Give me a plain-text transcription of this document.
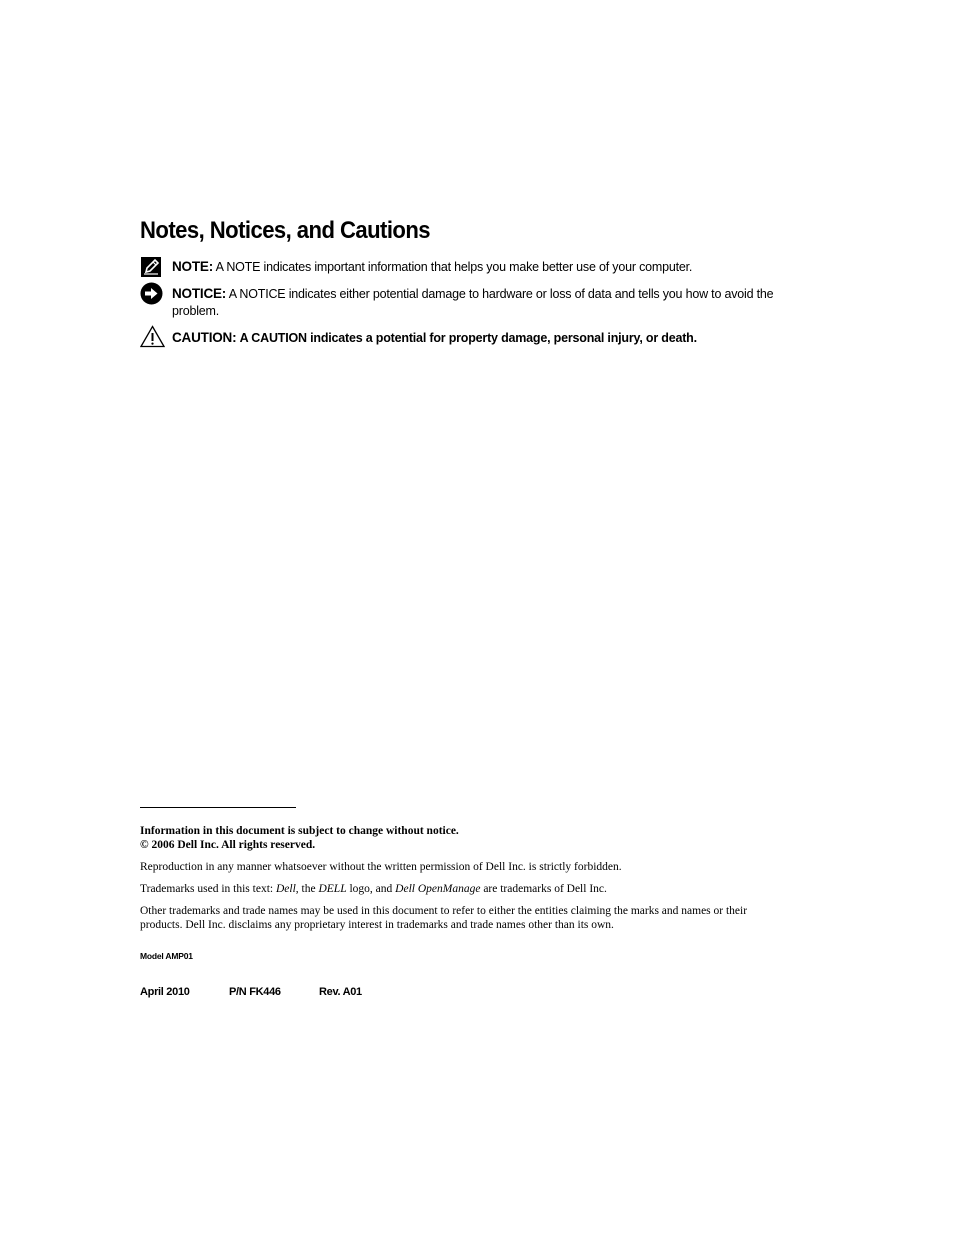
Notes, Notices, and Cautions
NOTE: A NOTE indicates important information that helps you make better use of your computer.
NOTICE: A NOTICE indicates either potential damage to hardware or loss of data and tells you how to avoid the problem.
CAUTION: A CAUTION indicates a potential for property damage, personal injury, or death.
Information in this document is subject to change without notice.
© 2006 Dell Inc. All rights reserved.
Reproduction in any manner whatsoever without the written permission of Dell Inc. is strictly forbidden.
Trademarks used in this text: Dell, the DELL logo, and Dell OpenManage are trademarks of Dell Inc.
Other trademarks and trade names may be used in this document to refer to either the entities claiming the marks and names or their products. Dell Inc. disclaims any proprietary interest in trademarks and trade names other than its own.
Model AMP01
April 2010	P/N FK446	Rev. A01
